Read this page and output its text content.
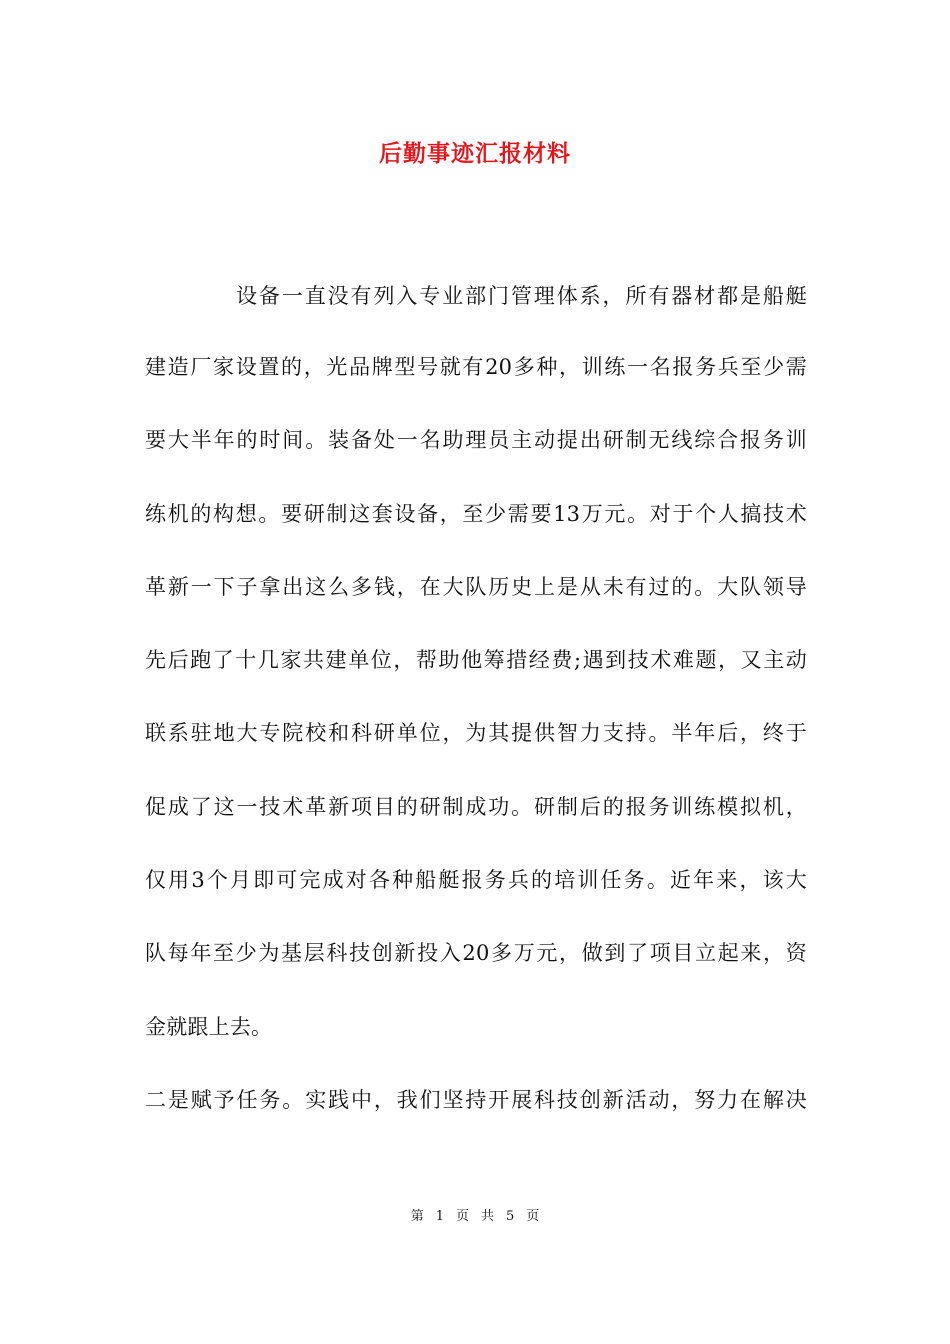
后勤事迹汇报材料
设备一直没有列入专业部门管理体系，所有器材都是船艇
建造厂家设置的，光品牌型号就有20多种，训练一名报务兵至少需
要大半年的时间。装备处一名助理员主动提出研制无线综合报务训
练机的构想。要研制这套设备，至少需要13万元。对于个人搞技术
革新一下子拿出这么多钱，在大队历史上是从未有过的。大队领导
先后跑了十几家共建单位，帮助他筹措经费;遇到技术难题，又主动
联系驻地大专院校和科研单位，为其提供智力支持。半年后，终于
促成了这一技术革新项目的研制成功。研制后的报务训练模拟机，
仅用3个月即可完成对各种船艇报务兵的培训任务。近年来，该大
队每年至少为基层科技创新投入20多万元，做到了项目立起来，资
金就跟上去。
二是赋予任务。实践中，我们坚持开展科技创新活动，努力在解决
第 1 页 共 5 页
